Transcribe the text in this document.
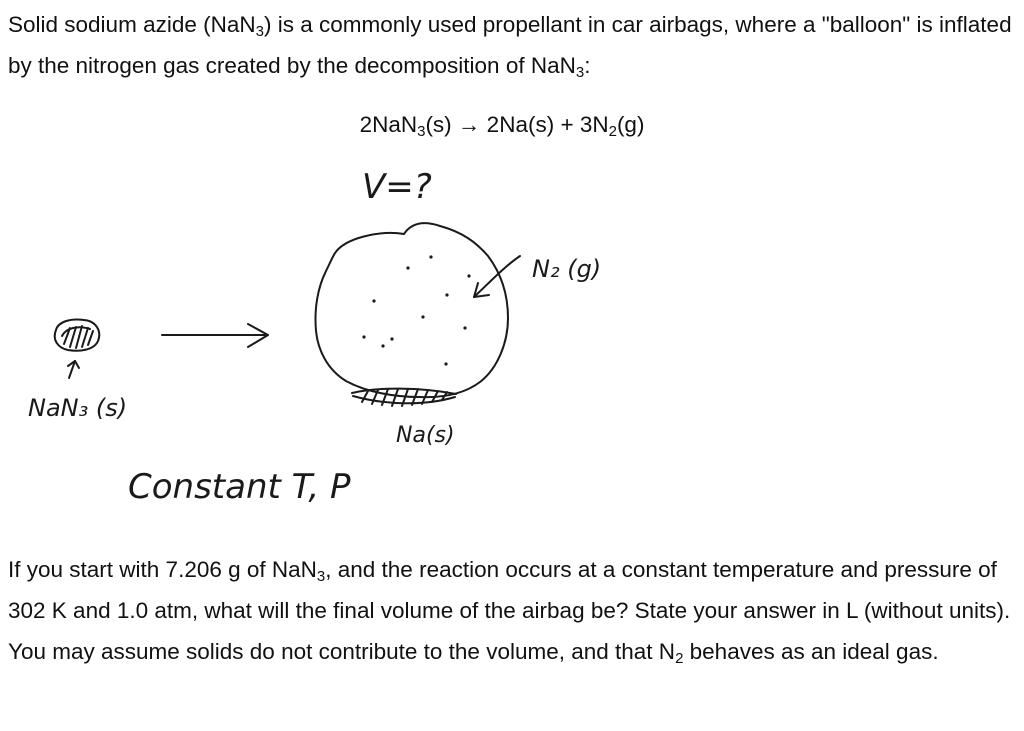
Solid sodium azide (NaN$_3$) is a commonly used propellant in car airbags, where a "balloon" is inflated by the nitrogen gas created by the decomposition of NaN$_3$:
$2NaN_3(s) \to 2Na(s) + 3N_2(g)$
V=?
Na(s)
N₂ (g)
NaN₃ (s)
Constant T, P
If you start with 7.206 g of NaN$_3$, and the reaction occurs at a constant temperature and pressure of 302 K and 1.0 atm, what will the final volume of the airbag be? State your answer in L (without units). You may assume solids do not contribute to the volume, and that $N_2$ behaves as an ideal gas.
